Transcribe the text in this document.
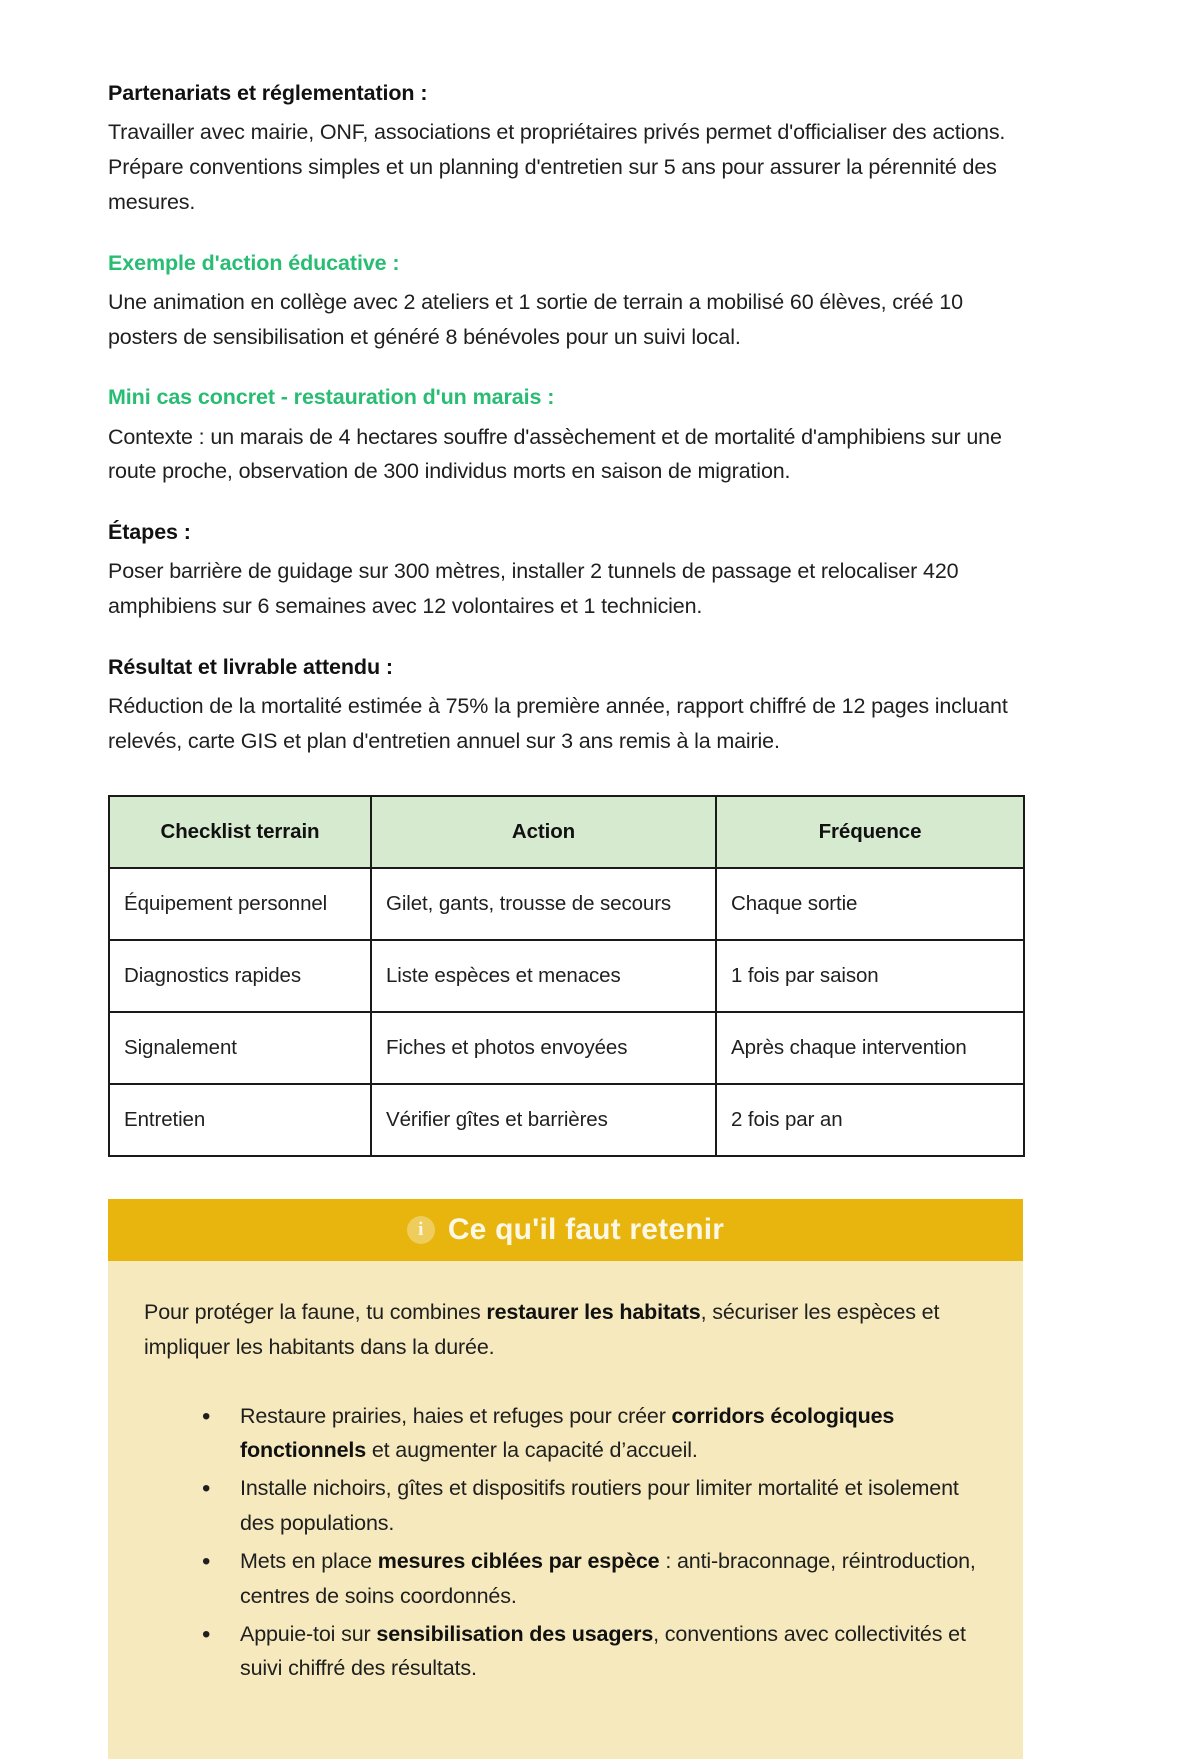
Partenariats et réglementation :

Travailler avec mairie, ONF, associations et propriétaires privés permet d'officialiser des actions. Prépare conventions simples et un planning d'entretien sur 5 ans pour assurer la pérennité des mesures.

Exemple d'action éducative :

Une animation en collège avec 2 ateliers et 1 sortie de terrain a mobilisé 60 élèves, créé 10 posters de sensibilisation et généré 8 bénévoles pour un suivi local.

Mini cas concret - restauration d'un marais :

Contexte : un marais de 4 hectares souffre d'assèchement et de mortalité d'amphibiens sur une route proche, observation de 300 individus morts en saison de migration.

Étapes :

Poser barrière de guidage sur 300 mètres, installer 2 tunnels de passage et relocaliser 420 amphibiens sur 6 semaines avec 12 volontaires et 1 technicien.

Résultat et livrable attendu :

Réduction de la mortalité estimée à 75% la première année, rapport chiffré de 12 pages incluant relevés, carte GIS et plan d'entretien annuel sur 3 ans remis à la mairie.

Checklist terrain	Action	Fréquence
Équipement personnel	Gilet, gants, trousse de secours	Chaque sortie
Diagnostics rapides	Liste espèces et menaces	1 fois par saison
Signalement	Fiches et photos envoyées	Après chaque intervention
Entretien	Vérifier gîtes et barrières	2 fois par an
i Ce qu'il faut retenir

Pour protéger la faune, tu combines restaurer les habitats, sécuriser les espèces et impliquer les habitants dans la durée.

• Restaure prairies, haies et refuges pour créer corridors écologiques fonctionnels et augmenter la capacité d’accueil.
• Installe nichoirs, gîtes et dispositifs routiers pour limiter mortalité et isolement des populations.
• Mets en place mesures ciblées par espèce : anti-braconnage, réintroduction, centres de soins coordonnés.
• Appuie-toi sur sensibilisation des usagers, conventions avec collectivités et suivi chiffré des résultats.
